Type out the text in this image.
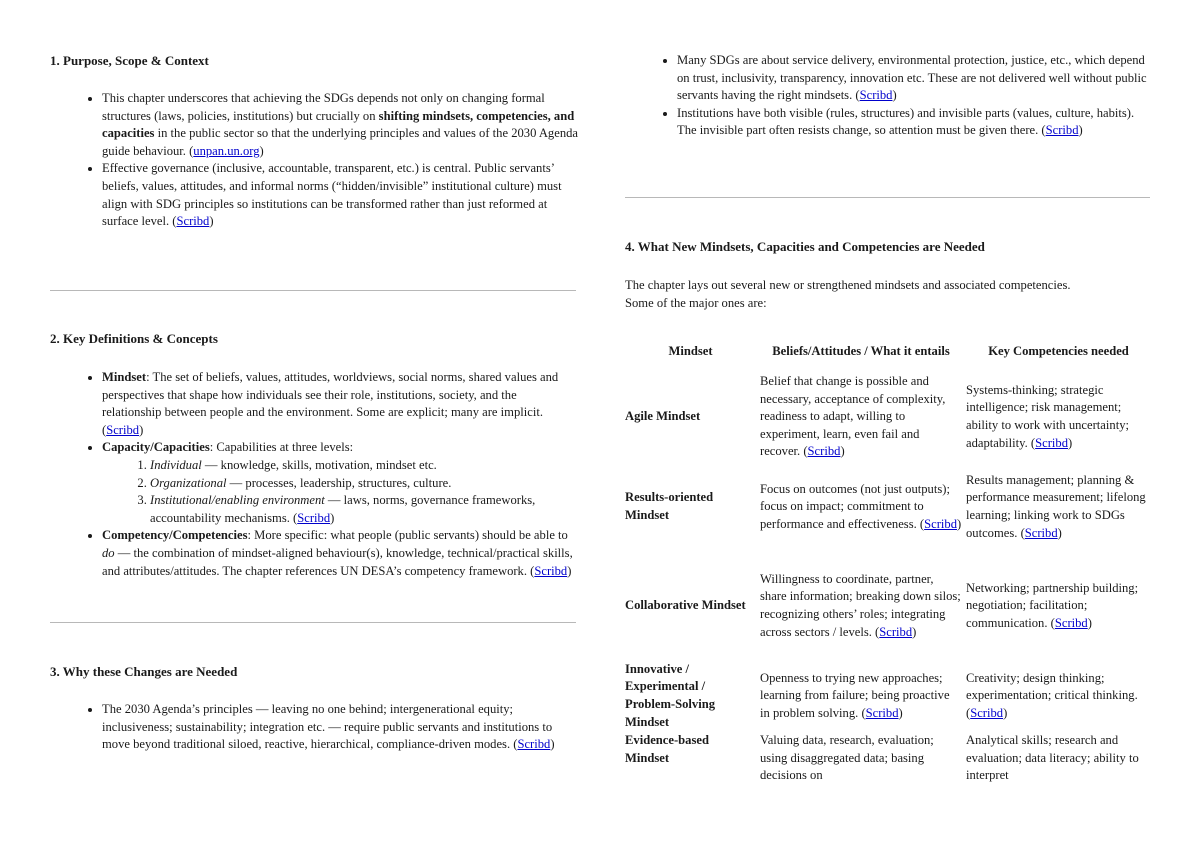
1. Purpose, Scope & Context
• This chapter underscores that achieving the SDGs depends not only on changing formal structures (laws, policies, institutions) but crucially on shifting mindsets, competencies, and capacities in the public sector so that the underlying principles and values of the 2030 Agenda guide behaviour. (unpan.un.org)
• Effective governance (inclusive, accountable, transparent, etc.) is central. Public servants’ beliefs, values, attitudes, and informal norms (“hidden/invisible” institutional culture) must align with SDG principles so institutions can be transformed rather than just reformed at surface level. (Scribd)
2. Key Definitions & Concepts
• Mindset: The set of beliefs, values, attitudes, worldviews, social norms, shared values and perspectives that shape how individuals see their role, institutions, society, and the relationship between people and the environment. Some are explicit; many are implicit. (Scribd)
• Capacity/Capacities: Capabilities at three levels:
1. Individual — knowledge, skills, motivation, mindset etc.
2. Organizational — processes, leadership, structures, culture.
3. Institutional/enabling environment — laws, norms, governance frameworks, accountability mechanisms. (Scribd)
• Competency/Competencies: More specific: what people (public servants) should be able to do — the combination of mindset-aligned behaviour(s), knowledge, technical/practical skills, and attributes/attitudes. The chapter references UN DESA’s competency framework. (Scribd)
3. Why these Changes are Needed
• The 2030 Agenda’s principles — leaving no one behind; intergenerational equity; inclusiveness; sustainability; integration etc. — require public servants and institutions to move beyond traditional siloed, reactive, hierarchical, compliance-driven modes. (Scribd)
• Many SDGs are about service delivery, environmental protection, justice, etc., which depend on trust, inclusivity, transparency, innovation etc. These are not delivered well without public servants having the right mindsets. (Scribd)
• Institutions have both visible (rules, structures) and invisible parts (values, culture, habits). The invisible part often resists change, so attention must be given there. (Scribd)
4. What New Mindsets, Capacities and Competencies are Needed

The chapter lays out several new or strengthened mindsets and associated competencies. Some of the major ones are:

Mindset	Beliefs/Attitudes / What it entails	Key Competencies needed
Agile Mindset	Belief that change is possible and necessary, acceptance of complexity, readiness to adapt, willing to experiment, learn, even fail and recover. (Scribd)	Systems-thinking; strategic intelligence; risk management; ability to work with uncertainty; adaptability. (Scribd)
Results-oriented Mindset	Focus on outcomes (not just outputs); focus on impact; commitment to performance and effectiveness. (Scribd)	Results management; planning & performance measurement; lifelong learning; linking work to SDGs outcomes. (Scribd)
Collaborative Mindset	Willingness to coordinate, partner, share information; breaking down silos; recognizing others’ roles; integrating across sectors / levels. (Scribd)	Networking; partnership building; negotiation; facilitation; communication. (Scribd)
Innovative / Experimental / Problem-Solving Mindset	Openness to trying new approaches; learning from failure; being proactive in problem solving. (Scribd)	Creativity; design thinking; experimentation; critical thinking. (Scribd)
Evidence-based Mindset	Valuing data, research, evaluation; using disaggregated data; basing decisions on	Analytical skills; research and evaluation; data literacy; ability to interpret
